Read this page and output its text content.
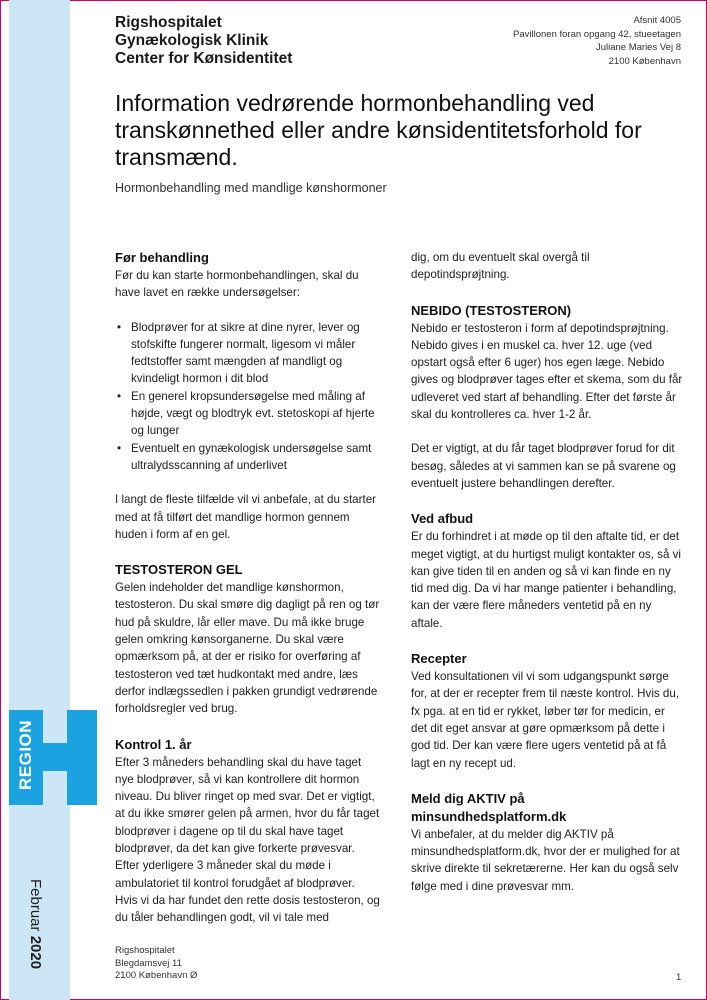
REGION
Februar 2020
Rigshospitalet
Gynækologisk Klinik
Center for Kønsidentitet
Afsnit 4005
Pavillonen foran opgang 42, stueetagen
Juliane Maries Vej 8
2100 København
Information vedrørende hormonbehandling ved transkønnethed eller andre kønsidentitetsforhold for transmænd.
Hormonbehandling med mandlige kønshormoner
Før behandling

Før du kan starte hormonbehandlingen, skal du have lavet en række undersøgelser:

• Blodprøver for at sikre at dine nyrer, lever og stofskifte fungerer normalt, ligesom vi måler fedtstoffer samt mængden af mandligt og kvindeligt hormon i dit blod
• En generel kropsundersøgelse med måling af højde, vægt og blodtryk evt. stetoskopi af hjerte og lunger
• Eventuelt en gynækologisk undersøgelse samt ultralydsscanning af underlivet

I langt de fleste tilfælde vil vi anbefale, at du starter med at få tilført det mandlige hormon gennem huden i form af en gel.

TESTOSTERON GEL

Gelen indeholder det mandlige kønshormon, testosteron. Du skal smøre dig dagligt på ren og tør hud på skuldre, lår eller mave. Du må ikke bruge gelen omkring kønsorganerne. Du skal være opmærksom på, at der er risiko for overføring af testosteron ved tæt hudkontakt med andre, læs derfor indlægssedlen i pakken grundigt vedrørende forholdsregler ved brug.

Kontrol 1. år

Efter 3 måneders behandling skal du have taget nye blodprøver, så vi kan kontrollere dit hormon niveau. Du bliver ringet op med svar. Det er vigtigt, at du ikke smører gelen på armen, hvor du får taget blodprøver i dagene op til du skal have taget blodprøver, da det kan give forkerte prøvesvar. Efter yderligere 3 måneder skal du møde i ambulatoriet til kontrol forudgået af blodprøver. Hvis vi da har fundet den rette dosis testosteron, og du tåler behandlingen godt, vil vi tale med

dig, om du eventuelt skal overgå til depotindsprøjtning.

NEBIDO (TESTOSTERON)

Nebido er testosteron i form af depotindsprøjtning. Nebido gives i en muskel ca. hver 12. uge (ved opstart også efter 6 uger) hos egen læge. Nebido gives og blodprøver tages efter et skema, som du får udleveret ved start af behandling. Efter det første år skal du kontrolleres ca. hver 1-2 år.

Det er vigtigt, at du får taget blodprøver forud for dit besøg, således at vi sammen kan se på svarene og eventuelt justere behandlingen derefter.

Ved afbud

Er du forhindret i at møde op til den aftalte tid, er det meget vigtigt, at du hurtigst muligt kontakter os, så vi kan give tiden til en anden og så vi kan finde en ny tid med dig. Da vi har mange patienter i behandling, kan der være flere måneders ventetid på en ny aftale.

Recepter

Ved konsultationen vil vi som udgangspunkt sørge for, at der er recepter frem til næste kontrol. Hvis du, fx pga. at en tid er rykket, løber tør for medicin, er det dit eget ansvar at gøre opmærksom på dette i god tid. Der kan være flere ugers ventetid på at få lagt en ny recept ud.

Meld dig AKTIV på minsundhedsplatform.dk

Vi anbefaler, at du melder dig AKTIV på minsundhedsplatform.dk, hvor der er mulighed for at skrive direkte til sekretærerne. Her kan du også selv følge med i dine prøvesvar mm.

Rigshospitalet
Blegdamsvej 11
2100 København Ø	1
